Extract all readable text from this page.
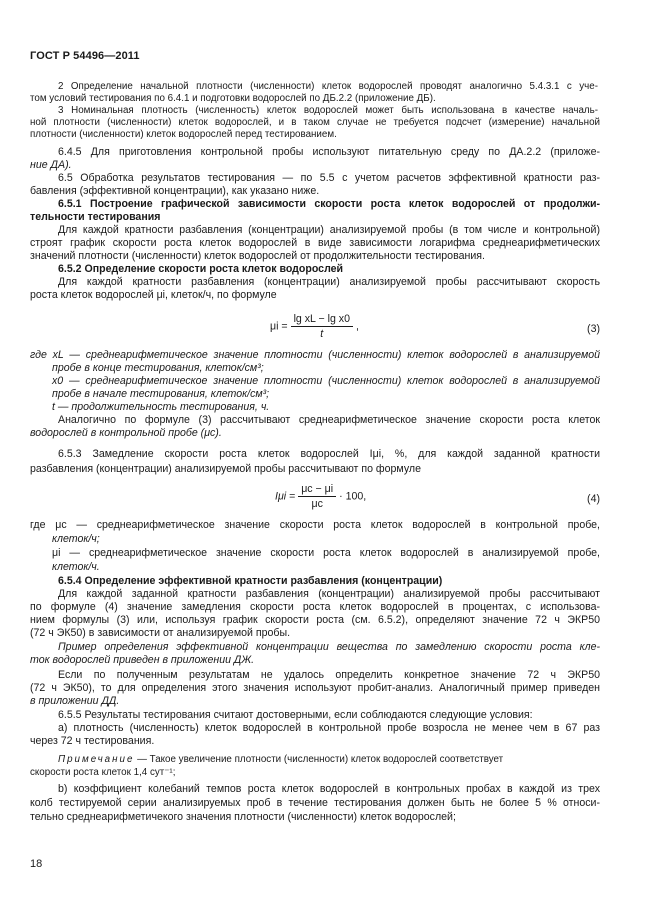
ГОСТ Р 54496—2011
2 Определение начальной плотности (численности) клеток водорослей проводят аналогично 5.4.3.1 с уче-
том условий тестирования по 6.4.1 и подготовки водорослей по ДБ.2.2 (приложение ДБ).
3 Номинальная плотность (численность) клеток водорослей может быть использована в качестве началь-
ной плотности (численности) клеток водорослей, и в таком случае не требуется подсчет (измерение) начальной
плотности (численности) клеток водорослей перед тестированием.
6.4.5 Для приготовления контрольной пробы используют питательную среду по ДА.2.2 (приложе-
ние ДА).
6.5 Обработка результатов тестирования — по 5.5 с учетом расчетов эффективной кратности раз-
бавления (эффективной концентрации), как указано ниже.
6.5.1 Построение графической зависимости скорости роста клеток водорослей от продолжи-
тельности тестирования
Для каждой кратности разбавления (концентрации) анализируемой пробы (в том числе и контрольной)
строят график скорости роста клеток водорослей в виде зависимости логарифма среднеарифметических
значений плотности (численности) клеток водорослей от продолжительности тестирования.
6.5.2 Определение скорости роста клеток водорослей
Для каждой кратности разбавления (концентрации) анализируемой пробы рассчитывают скорость
роста клеток водорослей μi, клеток/ч, по формуле
$\mu i = \frac{\text{lg xL − lg x0}}{t}$ ,	(3)
где xL — среднеарифметическое значение плотности (численности) клеток водорослей в анализируемой
пробе в конце тестирования, клеток/см³;
x0 — среднеарифметическое значение плотности (численности) клеток водорослей в анализируемой
пробе в начале тестирования, клеток/см³;
t — продолжительность тестирования, ч.
Аналогично по формуле (3) рассчитывают среднеарифметическое значение скорости роста клеток
водорослей в контрольной пробе (μc).
6.5.3 Замедление скорости роста клеток водорослей Iμi, %, для каждой заданной кратности
разбавления (концентрации) анализируемой пробы рассчитывают по формуле
$I\mu i = \frac{\mu c - \mu i}{\mu c} \cdot 100$,	(4)
где μc — среднеарифметическое значение скорости роста клеток водорослей в контрольной пробе,
клеток/ч;
μi — среднеарифметическое значение скорости роста клеток водорослей в анализируемой пробе,
клеток/ч.
6.5.4 Определение эффективной кратности разбавления (концентрации)
Для каждой заданной кратности разбавления (концентрации) анализируемой пробы рассчитывают
по формуле (4) значение замедления скорости роста клеток водорослей в процентах, с использова-
нием формулы (3) или, используя график скорости роста (см. 6.5.2), определяют значение 72 ч ЭКР50
(72 ч ЭК50) в зависимости от анализируемой пробы.
Пример определения эффективной концентрации вещества по замедлению скорости роста кле-
ток водорослей приведен в приложении ДЖ.
Если по полученным результатам не удалось определить конкретное значение 72 ч ЭКР50
(72 ч ЭК50), то для определения этого значения используют пробит-анализ. Аналогичный пример приведен
в приложении ДД.
6.5.5 Результаты тестирования считают достоверными, если соблюдаются следующие условия:
а) плотность (численность) клеток водорослей в контрольной пробе возросла не менее чем в 67 раз
через 72 ч тестирования.
Примечание — Такое увеличение плотности (численности) клеток водорослей соответствует
скорости роста клеток 1,4 сут⁻¹;
b) коэффициент колебаний темпов роста клеток водорослей в контрольных пробах в каждой из трех
колб тестируемой серии анализируемых проб в течение тестирования должен быть не более 5 % относи-
тельно среднеарифметичекого значения плотности (численности) клеток водорослей;
18
